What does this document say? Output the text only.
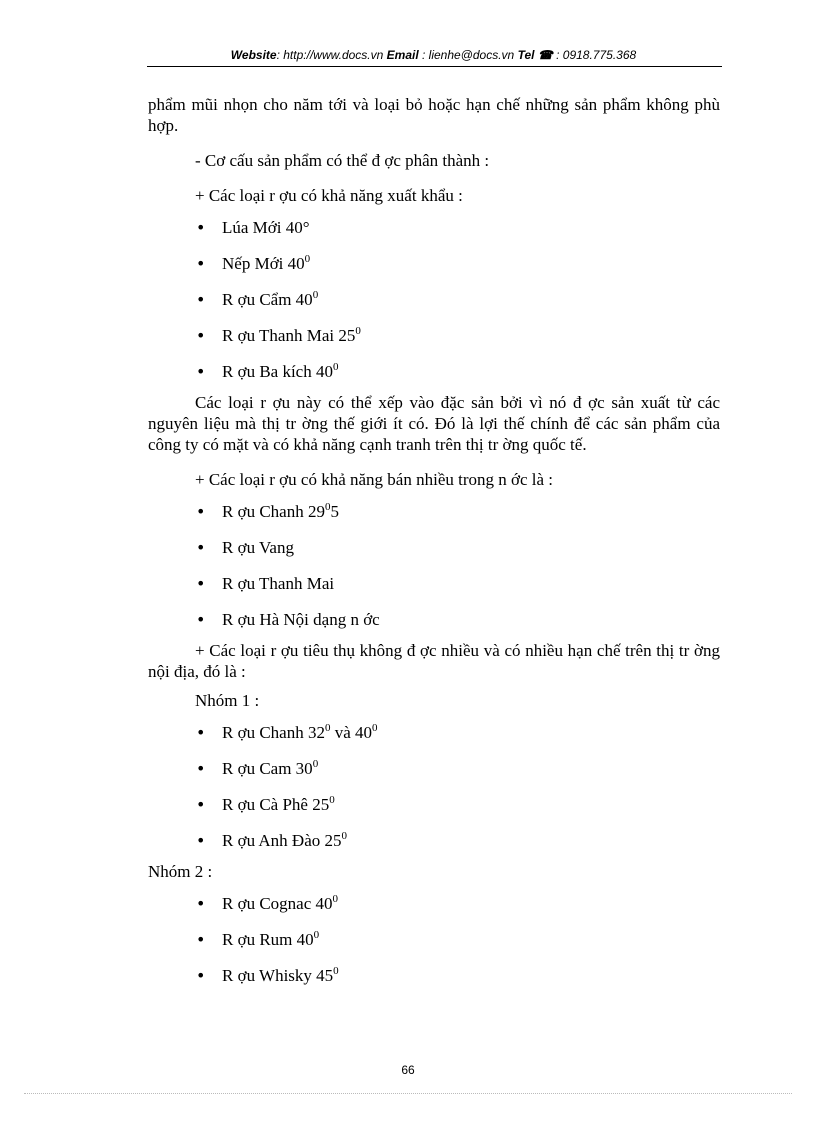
Website: http://www.docs.vn Email : lienhe@docs.vn Tel ☎ : 0918.775.368

phẩm mũi nhọn cho năm tới và loại bỏ hoặc hạn chế những sản phẩm không phù hợp.

- Cơ cấu sản phẩm có thể đ ợc phân thành :

+ Các loại r ợu có khả năng xuất khẩu :

• Lúa Mới 40°
• Nếp Mới $40^0$
• R ợu Cẩm $40^0$
• R ợu Thanh Mai $25^0$
• R ợu Ba kích $40^0$

Các loại r ợu này có thể xếp vào đặc sản bởi vì nó đ ợc sản xuất từ các nguyên liệu mà thị tr ờng thế giới ít có. Đó là lợi thế chính để các sản phẩm của công ty có mặt và có khả năng cạnh tranh trên thị tr ờng quốc tế.

+ Các loại r ợu có khả năng bán nhiều trong n ớc là :

• R ợu Chanh $29^05$
• R ợu Vang
• R ợu Thanh Mai
• R ợu Hà Nội dạng n ớc

+ Các loại r ợu tiêu thụ không đ ợc nhiều và có nhiều hạn chế trên thị tr ờng nội địa, đó là :

Nhóm 1 :

• R ợu Chanh $32^0$ và $40^0$
• R ợu Cam $30^0$
• R ợu Cà Phê $25^0$
• R ợu Anh Đào $25^0$

Nhóm 2 :

• R ợu Cognac $40^0$
• R ợu Rum $40^0$
• R ợu Whisky $45^0$
66
